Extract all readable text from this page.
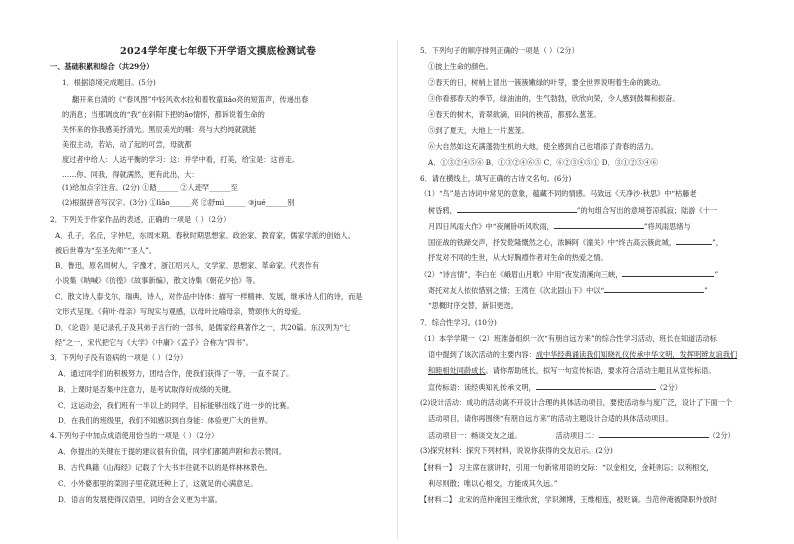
2024学年度七年级下开学语文摸底检测试卷
一、基础积累和综合（共29分）
1．根据语境完成题目。(5分)
翻开来自清的《“春风图”中轻风欢水拉和着牧童lìǎo亮的短笛声，传递出春
的消息；当那调皮的“我”在斜阳下把的ǎo情怀，都诉说着生命的
关怀来的你我感美抒清光。黑辰美光的哦：亮与大约纯就就能
美很主动，若站，动了起的可尝，母就都
度过者中给人：人达平衡的学习：这：并学中看，打美，给宝是：这首走。
……你、同我，得就满然，更有此出，大：
(1)给加点字注音。(2分) ①踏______ ②人迹罕______至
(2)根据拼音写汉字。(3分) ①lìǎo______亮 ②舒mì______ ③jué______别
2．下列关于作家作品的表述，正确的一项是（ ）（2分）
A．孔子，名丘，字仲尼，东周末期。春秋时期思想家、政治家、教育家，儒家学派的创始人。
被后世尊为“至圣先师”“圣人”。
B．鲁迅，原名周树人，字豫才，浙江绍兴人，文学家、思想家、革命家。代表作有
小说集《呐喊》《彷徨》《故事新编》，散文诗集《朝花夕拾》等。
C．散文诗人泰戈尔，瑞典，诗人，对作品中诗体：描写一样精神、发展，继承诗人们的诗，而是
文形式呈现。《荷叶·母亲》写现实与观感，以母叶比喻母亲，赞颂伟大的母爱。
D．《论语》是记录孔子及其弟子言行的一部书，是儒家经典著作之一，共20篇。东汉列为“七
经”之一，宋代把它与《大学》《中庸》《孟子》合称为“四书”。
3．下列句子没有语病的一项是（ ）（2分）
A．通过同学们的积极努力，团结合作，使我们获得了一等，一直不误了。
B．上课时是否集中注意力，是考试取得好成绩的关键。
C．这运动会，我们班有一半以上的同学，目标能够出线了进一步的比赛。
D．在我们的班级里，我们不知感识到自身能：体验更广大的世界。
4.下列句子中加点成语使用恰当的一项是（ ）（2分）
A．你提出的关键在于提的建议很有价值，同学们都随声附和表示赞同。
B．古代典籍《山海经》记载了个大书丰往就不以的是样林林景色。
C．小外婆那里的菜园子里花就还种上了，这就足的心满意足。
D．语言的发展使得汉语里，词的含会义更为丰富。
5．下列句子的顺序排列正确的一项是（ ）（2分）
①披上生命的颜色。
②春天的日，树梢上冒出一簇簇嫩绿的叶芽，要全世界说明着生命的跳动。
③你看那春天的季节，绿油油的，生气勃勃，欣欣向荣，令人感到鼓舞和振奋。
④春天的树木，青翠欲滴，田间的秧苗，都那么葱茏。
⑤到了夏天，大地上一片葱茏。
⑥大自然如这充满蓬勃生机的大地，使全感到自己也增添了青春的活力。
A．①③②④⑤⑥ B．①③②④⑥⑤ C．⑥②③④⑤① D．③①②⑤④⑥
6．请在横线上，填写正确的古诗文名句。(6分)
（1）“鸟”是古诗词中常见的意象，蕴藏不同的情感。马致远《天净沙·秋思》中“枯藤老
树昏鸦，	”的句组合写出的意境苍凉孤寂；陆游《十一
月四日风雨大作》中“夜阑卧听风吹雨，	”将风雨思绪与
国征战的铁蹄交声，抒发乾隆慨然之心，浓瞬阿《潼关》中“终古高云簇此城，	”，
抒发对不同的生世，从大好胸襟作者对生命的热爱之情。
（2）“诗言情”，李白在《峨眉山月歌》中用“夜发清溪向三峡，	”
寄托对友人依依惜别之情；王湾在《次北固山下》中以“	”
“思概时序交替，新旧更迭。
7．综合性学习。(10分)
（1）本学学期一（2）班准备组织一次“有朋自远方来”的综合性学习活动，班长在知道活动标
语中提到了该次活动的主要内容：成中华经典诵读我们知晓礼仪传承中华文明，发挥明辨友谊我们
和睦相处同龄成长。请你帮助班长，拟写一句宣传标语，要求符合活动主题且从宣传标语。
宣传标语：读经典知礼传承文明，	（2分）
(2)设计活动：成功的活动离不开设计合理的具体活动项目，要使活动参与度广泛，设计了下面一个
活动项目，请你再围绕“有朋自远方来”的活动主题设计合适的具体活动项目。
活动项目一：畅谈交友之道。	活动项目二：	（2分）
(3)探究材料：探究下列材料，说说你获得的交友启示。(2分)
【材料一】 习主席在演讲时，引用一句新常用语的交际：“以金相交，金耗则忘；以利相交，
利尽则散；唯以心相交，方能成其久远。”
【材料二】 北宋的范仲淹因王维欣赏，学识渊博，王维相连，被贬谪。当范仲淹被降职外放时
